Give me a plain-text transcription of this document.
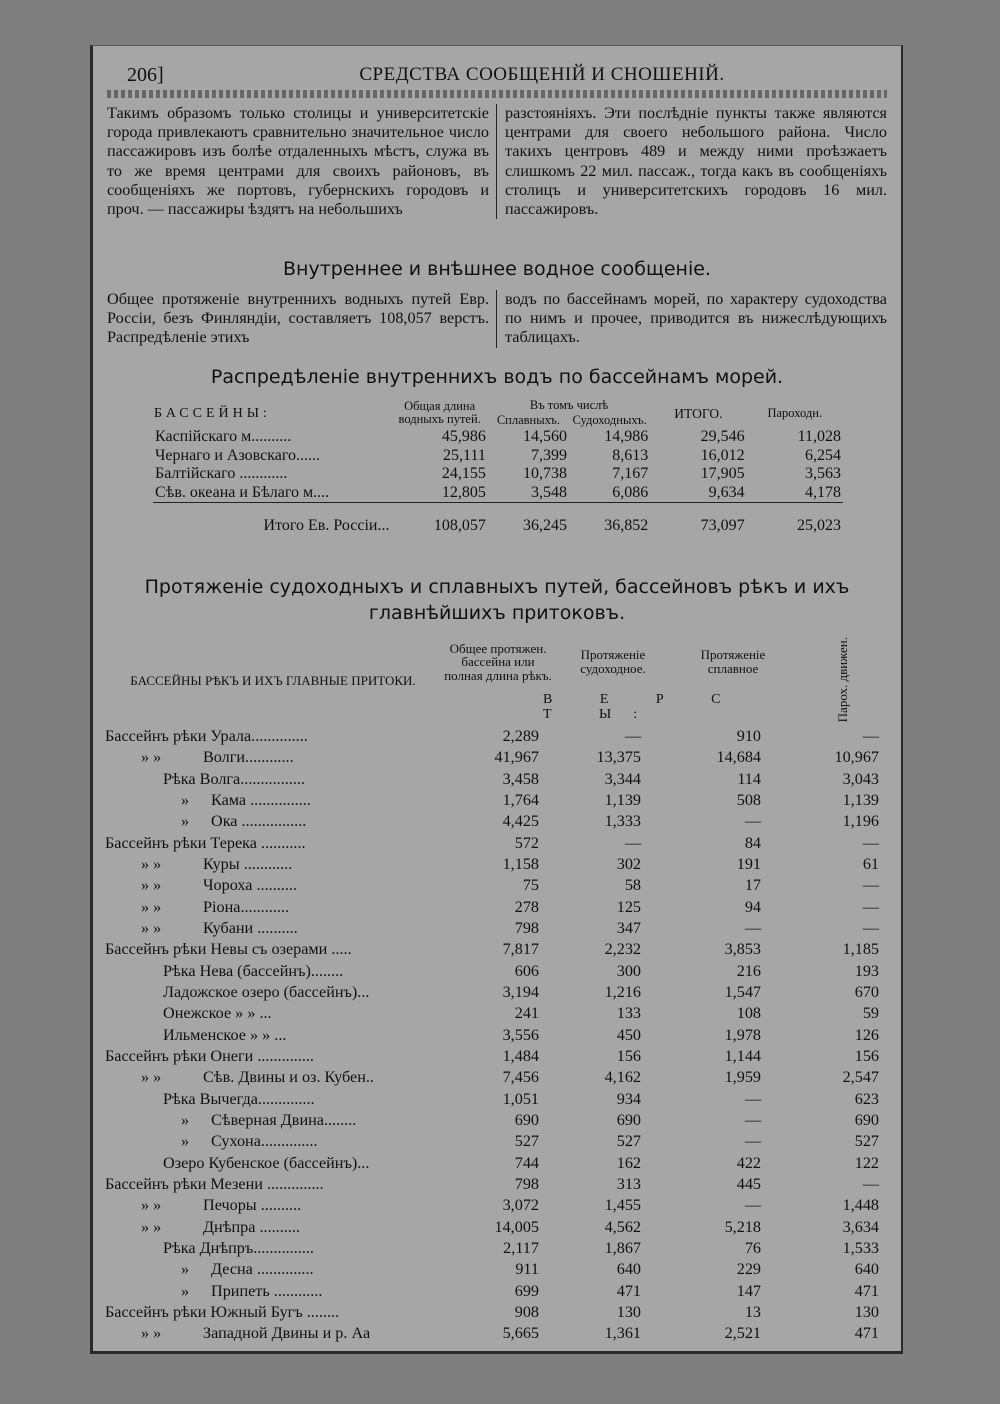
206]	СРЕДСТВА СООБЩЕНІЙ И СНОШЕНІЙ.
Такимъ образомъ только столицы и университетскіе города привлекаютъ сравнительно значительное число пассажировъ изъ болѣе отдаленныхъ мѣстъ, служа въ то же время центрами для своихъ районовъ, въ сообщеніяхъ же портовъ, губернскихъ городовъ и проч. — пассажиры ѣздятъ на небольшихъ
разстояніяхъ. Эти послѣдніе пункты также являются центрами для своего небольшого района. Число такихъ центровъ 489 и между ними проѣзжаетъ слишкомъ 22 мил. пассаж., тогда какъ въ сообщеніяхъ столицъ и университетскихъ городовъ 16 мил. пассажировъ.
Внутреннее и внѣшнее водное сообщеніе.
Общее протяженіе внутреннихъ водныхъ путей Евр. Россіи, безъ Финляндіи, составляетъ 108,057 верстъ. Распредѣленіе этихъ
водъ по бассейнамъ морей, по характеру судоходства по нимъ и прочее, приводится въ нижеслѣдующихъ таблицахъ.
Распредѣленіе внутреннихъ водъ по бассейнамъ морей.
БАССЕЙНЫ:	Общая длина водныхъ путей.	Въ томъ числѣ		ИТОГО.	Пароходн.
		Сплавныхъ.	Судоходныхъ.		
Каспійскаго м..........	45,986	14,560	14,986	29,546	11,028
Чернаго и Азовскаго......	25,111	7,399	8,613	16,012	6,254
Балтійскаго ............	24,155	10,738	7,167	17,905	3,563
Сѣв. океана и Бѣлаго м....	12,805	3,548	6,086	9,634	4,178

Итого Ев. Россіи...	108,057	36,245	36,852	73,097	25,023
Протяженіе судоходныхъ и сплавныхъ путей, бассейновъ рѣкъ и ихъ
главнѣйшихъ притоковъ.
БАССЕЙНЫ РѢКЪ И ИХЪ ГЛАВНЫЕ ПРИТОКИ.	Общее протяжен. бассейна или полная длина рѣкъ.	Протяженіе судоходное.	Протяженіе сплавное	Парох. движен.
	В Е Р С Т Ы:			
Бассейнъ рѣки Урала..............	2,289	—	910	—
» » Волги............	41,967	13,375	14,684	10,967
Рѣка Волга................	3,458	3,344	114	3,043
» Кама ...............	1,764	1,139	508	1,139
» Ока ................	4,425	1,333	—	1,196
Бассейнъ рѣки Терека ...........	572	—	84	—
» » Куры ............	1,158	302	191	61
» » Чороха ..........	75	58	17	—
» » Ріона............	278	125	94	—
» » Кубани ..........	798	347	—	—
Бассейнъ рѣки Невы съ озерами .....	7,817	2,232	3,853	1,185
Рѣка Нева (бассейнъ)........	606	300	216	193
Ладожское озеро (бассейнъ)...	3,194	1,216	1,547	670
Онежское » » ...	241	133	108	59
Ильменское » » ...	3,556	450	1,978	126
Бассейнъ рѣки Онеги ..............	1,484	156	1,144	156
» » Сѣв. Двины и оз. Кубен..	7,456	4,162	1,959	2,547
Рѣка Вычегда..............	1,051	934	—	623
» Сѣверная Двина........	690	690	—	690
» Сухона..............	527	527	—	527
Озеро Кубенское (бассейнъ)...	744	162	422	122
Бассейнъ рѣки Мезени ..............	798	313	445	—
» » Печоры ..........	3,072	1,455	—	1,448
» » Днѣпра ..........	14,005	4,562	5,218	3,634
Рѣка Днѣпръ...............	2,117	1,867	76	1,533
» Десна ..............	911	640	229	640
» Припеть ............	699	471	147	471
Бассейнъ рѣки Южный Бугъ ........	908	130	13	130
» » Западной Двины и р. Аа	5,665	1,361	2,521	471
